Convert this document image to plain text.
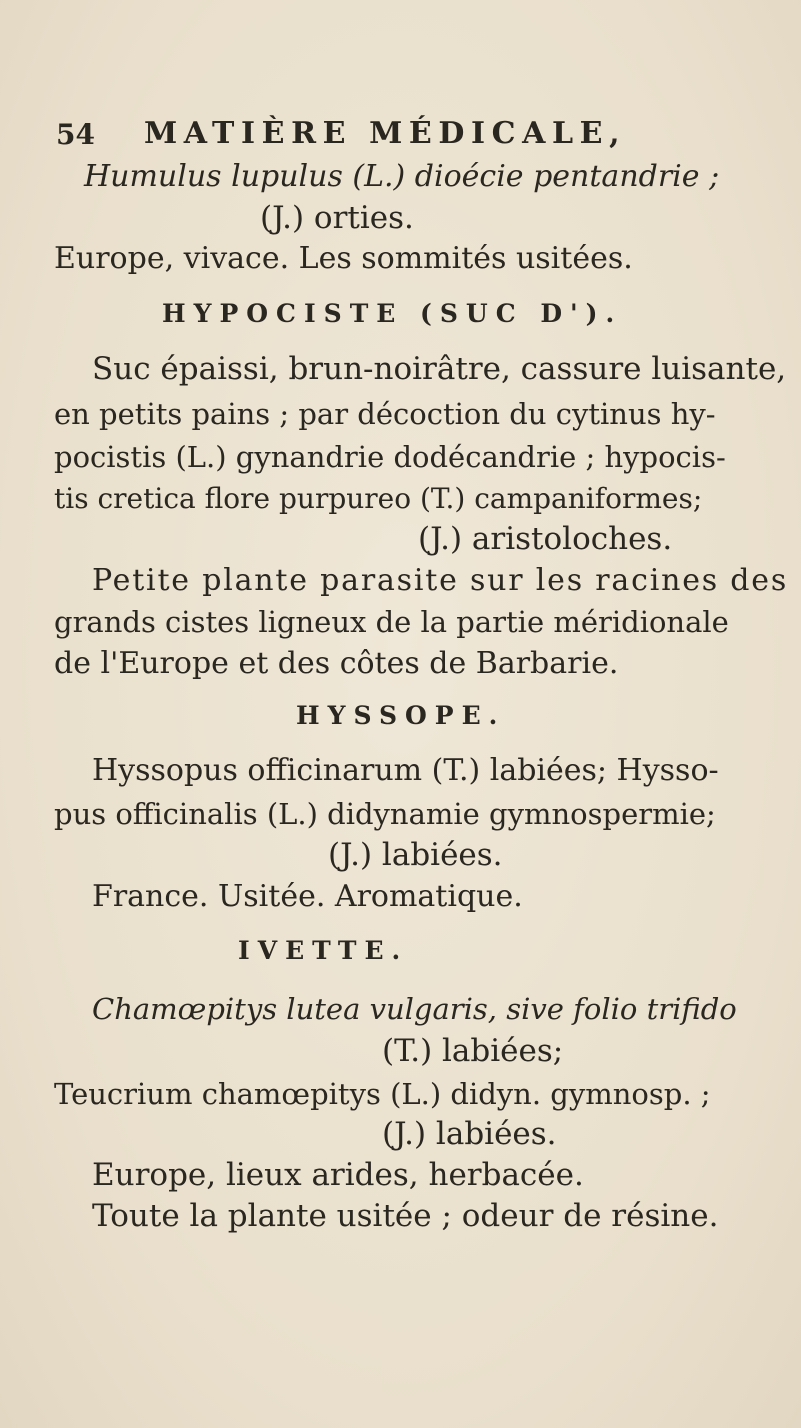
54 MATIÈRE MÉDICALE,
Humulus lupulus (L.) dioécie pentandrie ;
(J.) orties.
Europe, vivace. Les sommités usitées.
HYPOCISTE (SUC D').
Suc épaissi, brun-noirâtre, cassure luisante,
en petits pains ; par décoction du cytinus hy-
pocistis (L.) gynandrie dodécandrie ; hypocis-
tis cretica flore purpureo (T.) campaniformes;
(J.) aristoloches.
Petite plante parasite sur les racines des
grands cistes ligneux de la partie méridionale
de l'Europe et des côtes de Barbarie.
HYSSOPE.
Hyssopus officinarum (T.) labiées; Hysso-
pus officinalis (L.) didynamie gymnospermie;
(J.) labiées.
France. Usitée. Aromatique.
IVETTE.
Chamœpitys lutea vulgaris, sive folio trifido
(T.) labiées;
Teucrium chamœpitys (L.) didyn. gymnosp. ;
(J.) labiées.
Europe, lieux arides, herbacée.
Toute la plante usitée ; odeur de résine.
